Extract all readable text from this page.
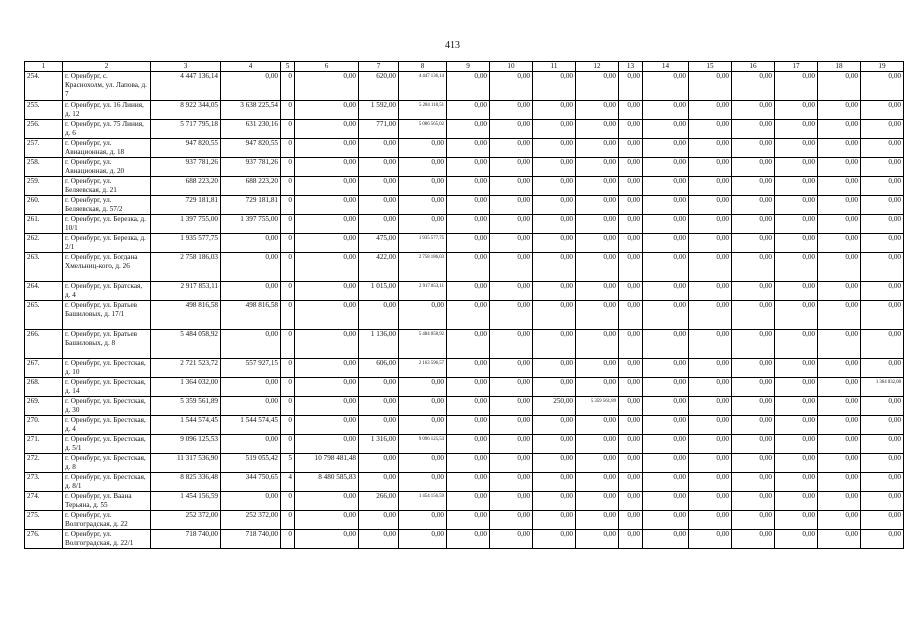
413
1	2	3	4	5	6	7	8	9	10	11	12	13	14	15	16	17	18	19
254.	г. Оренбург, с. Краснохолм, ул. Лапова, д. 7	4 447 136,14	0,00	0	0,00	620,00	4 447 136,14	0,00	0,00	0,00	0,00	0,00	0,00	0,00	0,00	0,00	0,00	0,00
255.	г. Оренбург, ул. 16 Линия, д. 12	8 922 344,05	3 638 225,54	0	0,00	1 592,00	5 284 118,51	0,00	0,00	0,00	0,00	0,00	0,00	0,00	0,00	0,00	0,00	0,00
256.	г. Оренбург, ул. 75 Линия, д. 6	5 717 795,18	631 230,16	0	0,00	771,00	5 086 565,02	0,00	0,00	0,00	0,00	0,00	0,00	0,00	0,00	0,00	0,00	0,00
257.	г. Оренбург, ул. Авиационная, д. 18	947 820,55	947 820,55	0	0,00	0,00	0,00	0,00	0,00	0,00	0,00	0,00	0,00	0,00	0,00	0,00	0,00	0,00
258.	г. Оренбург, ул. Авиационная, д. 20	937 781,26	937 781,26	0	0,00	0,00	0,00	0,00	0,00	0,00	0,00	0,00	0,00	0,00	0,00	0,00	0,00	0,00
259.	г. Оренбург, ул. Беляевская, д. 21	688 223,20	688 223,20	0	0,00	0,00	0,00	0,00	0,00	0,00	0,00	0,00	0,00	0,00	0,00	0,00	0,00	0,00
260.	г. Оренбург, ул. Беляевская, д. 57/2	729 181,81	729 181,81	0	0,00	0,00	0,00	0,00	0,00	0,00	0,00	0,00	0,00	0,00	0,00	0,00	0,00	0,00
261.	г. Оренбург, ул. Березка, д. 10/1	1 397 755,00	1 397 755,00	0	0,00	0,00	0,00	0,00	0,00	0,00	0,00	0,00	0,00	0,00	0,00	0,00	0,00	0,00
262.	г. Оренбург, ул. Березка, д. 2/1	1 935 577,75	0,00	0	0,00	475,00	1 935 577,75	0,00	0,00	0,00	0,00	0,00	0,00	0,00	0,00	0,00	0,00	0,00
263.	г. Оренбург, ул. Богдана Хмельниц-кого, д. 26	2 758 186,03	0,00	0	0,00	422,00	2 758 186,03	0,00	0,00	0,00	0,00	0,00	0,00	0,00	0,00	0,00	0,00	0,00
264.	г. Оренбург, ул. Братская, д. 4	2 917 853,11	0,00	0	0,00	1 015,00	2 917 853,11	0,00	0,00	0,00	0,00	0,00	0,00	0,00	0,00	0,00	0,00	0,00
265.	г. Оренбург, ул. Братьев Башиловых, д. 17/1	498 816,58	498 816,58	0	0,00	0,00	0,00	0,00	0,00	0,00	0,00	0,00	0,00	0,00	0,00	0,00	0,00	0,00
266.	г. Оренбург, ул. Братьев Башиловых, д. 8	5 484 058,92	0,00	0	0,00	1 136,00	5 484 058,92	0,00	0,00	0,00	0,00	0,00	0,00	0,00	0,00	0,00	0,00	0,00
267.	г. Оренбург, ул. Брестская, д. 10	2 721 523,72	557 927,15	0	0,00	606,00	2 163 596,57	0,00	0,00	0,00	0,00	0,00	0,00	0,00	0,00	0,00	0,00	0,00
268.	г. Оренбург, ул. Брестская, д. 14	1 364 032,00	0,00	0	0,00	0,00	0,00	0,00	0,00	0,00	0,00	0,00	0,00	0,00	0,00	0,00	0,00	1 364 032,00
269.	г. Оренбург, ул. Брестская, д. 30	5 359 561,89	0,00	0	0,00	0,00	0,00	0,00	0,00	250,00	5 359 561,89	0,00	0,00	0,00	0,00	0,00	0,00	0,00
270.	г. Оренбург, ул. Брестская, д. 4	1 544 574,45	1 544 574,45	0	0,00	0,00	0,00	0,00	0,00	0,00	0,00	0,00	0,00	0,00	0,00	0,00	0,00	0,00
271.	г. Оренбург, ул. Брестская, д. 5/1	9 096 125,53	0,00	0	0,00	1 316,00	9 096 125,53	0,00	0,00	0,00	0,00	0,00	0,00	0,00	0,00	0,00	0,00	0,00
272.	г. Оренбург, ул. Брестская, д. 8	11 317 536,90	519 055,42	5	10 798 481,48	0,00	0,00	0,00	0,00	0,00	0,00	0,00	0,00	0,00	0,00	0,00	0,00	0,00
273.	г. Оренбург, ул. Брестская, д. 8/1	8 825 336,48	344 750,65	4	8 480 585,83	0,00	0,00	0,00	0,00	0,00	0,00	0,00	0,00	0,00	0,00	0,00	0,00	0,00
274.	г. Оренбург, ул. Ваана Терьяна, д. 55	1 454 156,59	0,00	0	0,00	266,00	1 454 156,59	0,00	0,00	0,00	0,00	0,00	0,00	0,00	0,00	0,00	0,00	0,00
275.	г. Оренбург, ул. Волгоградская, д. 22	252 372,00	252 372,00	0	0,00	0,00	0,00	0,00	0,00	0,00	0,00	0,00	0,00	0,00	0,00	0,00	0,00	0,00
276.	г. Оренбург, ул. Волгоградская, д. 22/1	718 740,00	718 740,00	0	0,00	0,00	0,00	0,00	0,00	0,00	0,00	0,00	0,00	0,00	0,00	0,00	0,00	0,00
